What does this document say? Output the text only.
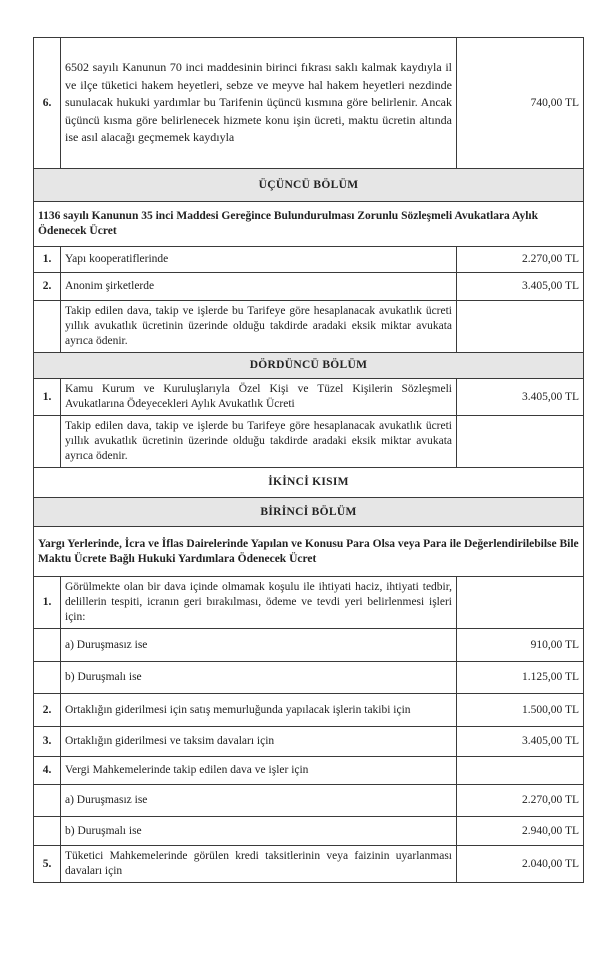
6.	6502 sayılı Kanunun 70 inci maddesinin birinci fıkrası saklı kalmak kaydıyla il ve ilçe tüketici hakem heyetleri, sebze ve meyve hal hakem heyetleri nezdinde sunulacak hukuki yardımlar bu Tarifenin üçüncü kısmına göre belirlenir. Ancak üçüncü kısma göre belirlenecek hizmete konu işin ücreti, maktu ücretin altında ise asıl alacağı geçmemek kaydıyla	740,00 TL
ÜÇÜNCÜ BÖLÜM		
1136 sayılı Kanunun 35 inci Maddesi Gereğince Bulundurulması Zorunlu Sözleşmeli Avukatlara Aylık Ödenecek Ücret		
1.	Yapı kooperatiflerinde	2.270,00 TL
2.	Anonim şirketlerde	3.405,00 TL
	Takip edilen dava, takip ve işlerde bu Tarifeye göre hesaplanacak avukatlık ücreti yıllık avukatlık ücretinin üzerinde olduğu takdirde aradaki eksik miktar avukata ayrıca ödenir.	
DÖRDÜNCÜ BÖLÜM		
1.	Kamu Kurum ve Kuruluşlarıyla Özel Kişi ve Tüzel Kişilerin Sözleşmeli Avukatlarına Ödeyecekleri Aylık Avukatlık Ücreti	3.405,00 TL
	Takip edilen dava, takip ve işlerde bu Tarifeye göre hesaplanacak avukatlık ücreti yıllık avukatlık ücretinin üzerinde olduğu takdirde aradaki eksik miktar avukata ayrıca ödenir.	
İKİNCİ KISIM		
BİRİNCİ BÖLÜM		
Yargı Yerlerinde, İcra ve İflas Dairelerinde Yapılan ve Konusu Para Olsa veya Para ile Değerlendirilebilse Bile Maktu Ücrete Bağlı Hukuki Yardımlara Ödenecek Ücret		
1.	Görülmekte olan bir dava içinde olmamak koşulu ile ihtiyati haciz, ihtiyati tedbir, delillerin tespiti, icranın geri bırakılması, ödeme ve tevdi yeri belirlenmesi işleri için:	
	a) Duruşmasız ise	910,00 TL
	b) Duruşmalı ise	1.125,00 TL
2.	Ortaklığın giderilmesi için satış memurluğunda yapılacak işlerin takibi için	1.500,00 TL
3.	Ortaklığın giderilmesi ve taksim davaları için	3.405,00 TL
4.	Vergi Mahkemelerinde takip edilen dava ve işler için	
	a) Duruşmasız ise	2.270,00 TL
	b) Duruşmalı ise	2.940,00 TL
5.	Tüketici Mahkemelerinde görülen kredi taksitlerinin veya faizinin uyarlanması davaları için	2.040,00 TL
